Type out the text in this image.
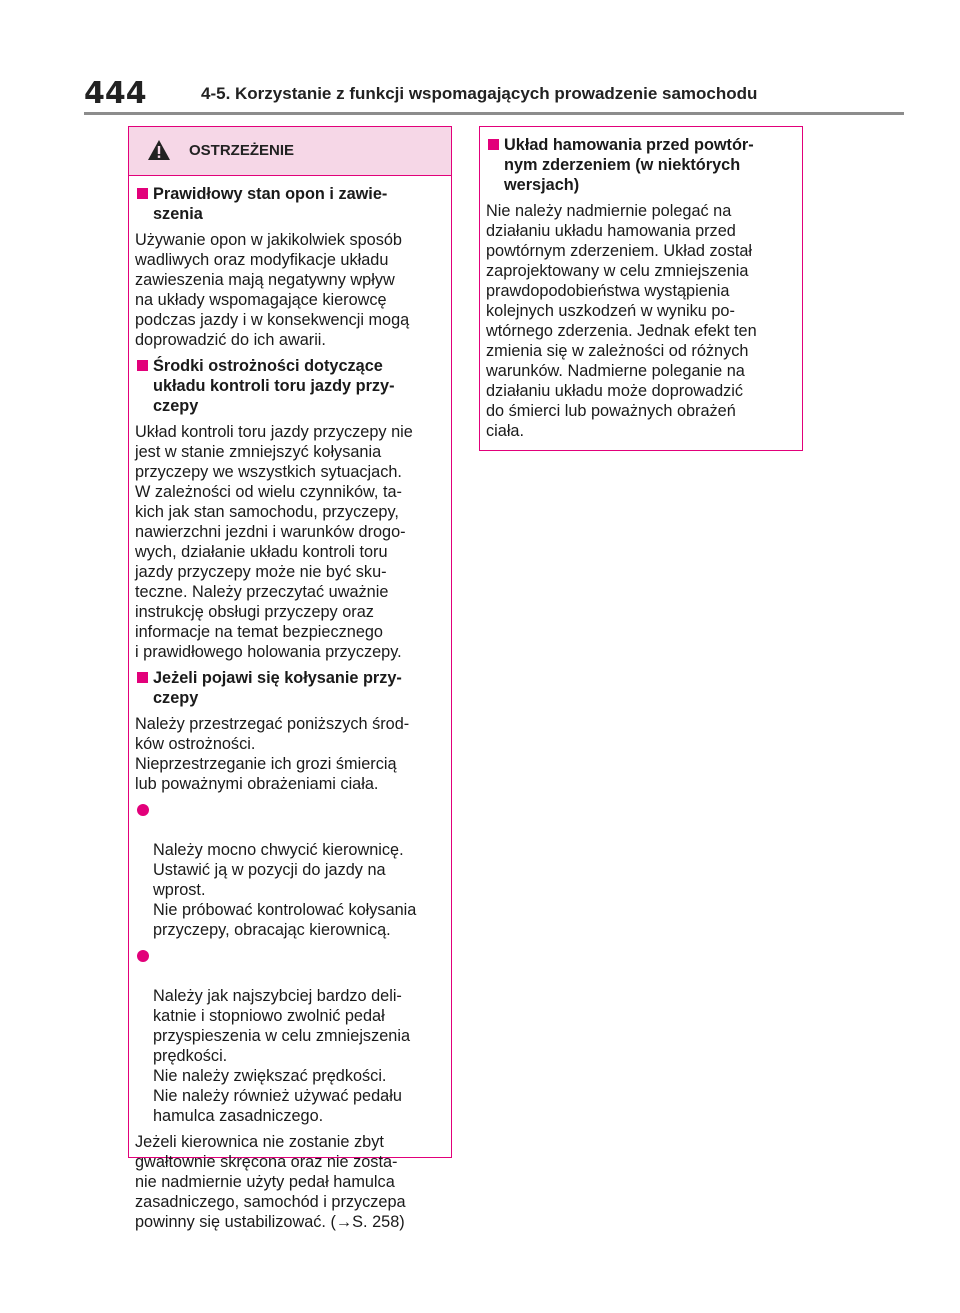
444	4-5. Korzystanie z funkcji wspomagających prowadzenie samochodu
OSTRZEŻENIE
Prawidłowy stan opon i zawie-
szenia
Używanie opon w jakikolwiek sposób
wadliwych oraz modyfikacje układu
zawieszenia mają negatywny wpływ
na układy wspomagające kierowcę
podczas jazdy i w konsekwencji mogą
doprowadzić do ich awarii.
Środki ostrożności dotyczące
układu kontroli toru jazdy przy-
czepy
Układ kontroli toru jazdy przyczepy nie
jest w stanie zmniejszyć kołysania
przyczepy we wszystkich sytuacjach.
W zależności od wielu czynników, ta-
kich jak stan samochodu, przyczepy,
nawierzchni jezdni i warunków drogo-
wych, działanie układu kontroli toru
jazdy przyczepy może nie być sku-
teczne. Należy przeczytać uważnie
instrukcję obsługi przyczepy oraz
informacje na temat bezpiecznego
i prawidłowego holowania przyczepy.
Jeżeli pojawi się kołysanie przy-
czepy
Należy przestrzegać poniższych środ-
ków ostrożności.
Nieprzestrzeganie ich grozi śmiercią
lub poważnymi obrażeniami ciała.

Należy mocno chwycić kierownicę.
Ustawić ją w pozycji do jazdy na
wprost.
Nie próbować kontrolować kołysania
przyczepy, obracając kierownicą.

Należy jak najszybciej bardzo deli-
katnie i stopniowo zwolnić pedał
przyspieszenia w celu zmniejszenia
prędkości.
Nie należy zwiększać prędkości.
Nie należy również używać pedału
hamulca zasadniczego.

Jeżeli kierownica nie zostanie zbyt
gwałtownie skręcona oraz nie zosta-
nie nadmiernie użyty pedał hamulca
zasadniczego, samochód i przyczepa
powinny się ustabilizować. (→S. 258)
Układ hamowania przed powtór-
nym zderzeniem (w niektórych
wersjach)
Nie należy nadmiernie polegać na
działaniu układu hamowania przed
powtórnym zderzeniem. Układ został
zaprojektowany w celu zmniejszenia
prawdopodobieństwa wystąpienia
kolejnych uszkodzeń w wyniku po-
wtórnego zderzenia. Jednak efekt ten
zmienia się w zależności od różnych
warunków. Nadmierne poleganie na
działaniu układu może doprowadzić
do śmierci lub poważnych obrażeń
ciała.
